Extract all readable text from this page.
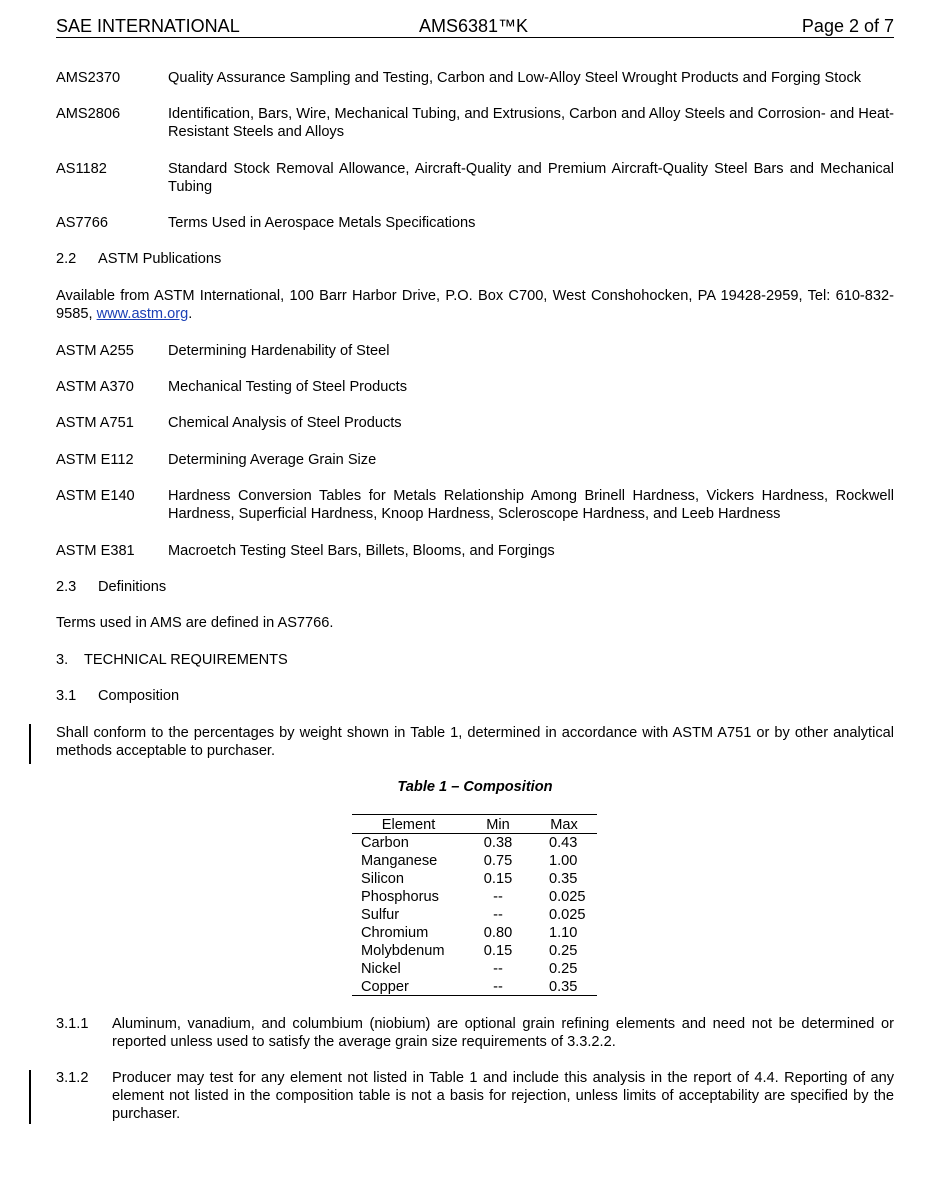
SAE INTERNATIONAL	AMS6381™K	Page 2 of 7
AMS2370	Quality Assurance Sampling and Testing, Carbon and Low-Alloy Steel Wrought Products and Forging Stock
AMS2806	Identification, Bars, Wire, Mechanical Tubing, and Extrusions, Carbon and Alloy Steels and Corrosion- and Heat-Resistant Steels and Alloys
AS1182	Standard Stock Removal Allowance, Aircraft-Quality and Premium Aircraft-Quality Steel Bars and Mechanical Tubing
AS7766	Terms Used in Aerospace Metals Specifications
2.2 ASTM Publications
Available from ASTM International, 100 Barr Harbor Drive, P.O. Box C700, West Conshohocken, PA 19428-2959, Tel: 610-832-9585, www.astm.org.
ASTM A255 Determining Hardenability of Steel
ASTM A370 Mechanical Testing of Steel Products
ASTM A751 Chemical Analysis of Steel Products
ASTM E112 Determining Average Grain Size
ASTM E140 Hardness Conversion Tables for Metals Relationship Among Brinell Hardness, Vickers Hardness, Rockwell Hardness, Superficial Hardness, Knoop Hardness, Scleroscope Hardness, and Leeb Hardness
ASTM E381 Macroetch Testing Steel Bars, Billets, Blooms, and Forgings
2.3 Definitions
Terms used in AMS are defined in AS7766.
3. TECHNICAL REQUIREMENTS
3.1 Composition
Shall conform to the percentages by weight shown in Table 1, determined in accordance with ASTM A751 or by other analytical methods acceptable to purchaser.
Table 1 – Composition
Element	Min	Max
Carbon	0.38	0.43
Manganese	0.75	1.00
Silicon	0.15	0.35
Phosphorus	--	0.025
Sulfur	--	0.025
Chromium	0.80	1.10
Molybdenum	0.15	0.25
Nickel	--	0.25
Copper	--	0.35
3.1.1 Aluminum, vanadium, and columbium (niobium) are optional grain refining elements and need not be determined or reported unless used to satisfy the average grain size requirements of 3.3.2.2.
3.1.2 Producer may test for any element not listed in Table 1 and include this analysis in the report of 4.4. Reporting of any element not listed in the composition table is not a basis for rejection, unless limits of acceptability are specified by the purchaser.
